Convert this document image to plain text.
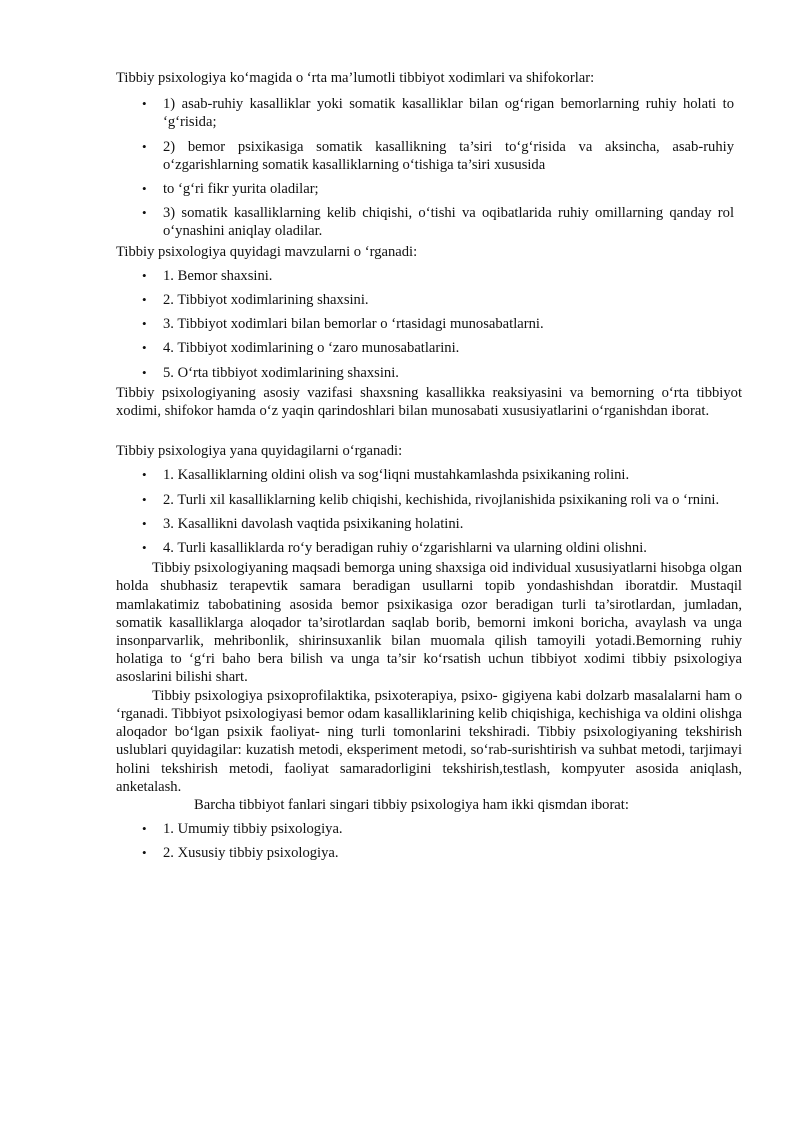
Tibbiy psixologiya ko‘magida o ‘rta ma’lumotli tibbiyot xodimlari va shifokorlar:

• 1) asab-ruhiy kasalliklar yoki somatik kasalliklar bilan og‘rigan bemorlarning ruhiy holati to ‘g‘risida;
• 2) bemor psixikasiga somatik kasallikning ta’siri to‘g‘risida va aksincha, asab-ruhiy o‘zgarishlarning somatik kasalliklarning o‘tishiga ta’siri xususida
• to ‘g‘ri fikr yurita oladilar;
• 3) somatik kasalliklarning kelib chiqishi, o‘tishi va oqibatlarida ruhiy omillarning qanday rol o‘ynashini aniqlay oladilar.

Tibbiy psixologiya quyidagi mavzularni o ‘rganadi:

• 1. Bemor shaxsini.
• 2. Tibbiyot xodimlarining shaxsini.
• 3. Tibbiyot xodimlari bilan bemorlar o ‘rtasidagi munosabatlarni.
• 4. Tibbiyot xodimlarining o ‘zaro munosabatlarini.
• 5. O‘rta tibbiyot xodimlarining shaxsini.

Tibbiy psixologiyaning asosiy vazifasi shaxsning kasallikka reaksiyasini va bemorning o‘rta tibbiyot xodimi, shifokor hamda o‘z yaqin qarindoshlari bilan munosabati xususiyatlarini o‘rganishdan iborat.

Tibbiy psixologiya yana quyidagilarni o‘rganadi:

• 1. Kasalliklarning oldini olish va sog‘liqni mustahkamlashda psixikaning rolini.
• 2. Turli xil kasalliklarning kelib chiqishi, kechishida, rivojlanishida psixikaning roli va o ‘rnini.
• 3. Kasallikni davolash vaqtida psixikaning holatini.
• 4. Turli kasalliklarda ro‘y beradigan ruhiy o‘zgarishlarni va ularning oldini olishni.

Tibbiy psixologiyaning maqsadi bemorga uning shaxsiga oid individual xususiyatlarni hisobga olgan holda shubhasiz terapevtik samara beradigan usullarni topib yondashishdan iboratdir. Mustaqil mamlakatimiz tabobatining asosida bemor psixikasiga ozor beradigan turli ta’sirotlardan, jumladan, somatik kasalliklarga aloqador ta’sirotlardan saqlab borib, bemorni imkoni boricha, avaylash va unga insonparvarlik, mehribonlik, shirinsuxanlik bilan muomala qilish tamoyili yotadi.Bemorning ruhiy holatiga to ‘g‘ri baho bera bilish va unga ta’sir ko‘rsatish uchun tibbiyot xodimi tibbiy psixologiya asoslarini bilishi shart.

Tibbiy psixologiya psixoprofilaktika, psixoterapiya, psixo- gigiyena kabi dolzarb masalalarni ham o ‘rganadi. Tibbiyot psixologiyasi bemor odam kasalliklarining kelib chiqishiga, kechishiga va oldini olishga aloqador bo‘lgan psixik faoliyat- ning turli tomonlarini tekshiradi. Tibbiy psixologiyaning tekshirish uslublari quyidagilar: kuzatish metodi, eksperiment metodi, so‘rab-surishtirish va suhbat metodi, tarjimayi holini tekshirish metodi, faoliyat samaradorligini tekshirish,testlash, kompyuter asosida aniqlash, anketalash.

Barcha tibbiyot fanlari singari tibbiy psixologiya ham ikki qismdan iborat:

• 1. Umumiy tibbiy psixologiya.
• 2. Xususiy tibbiy psixologiya.
